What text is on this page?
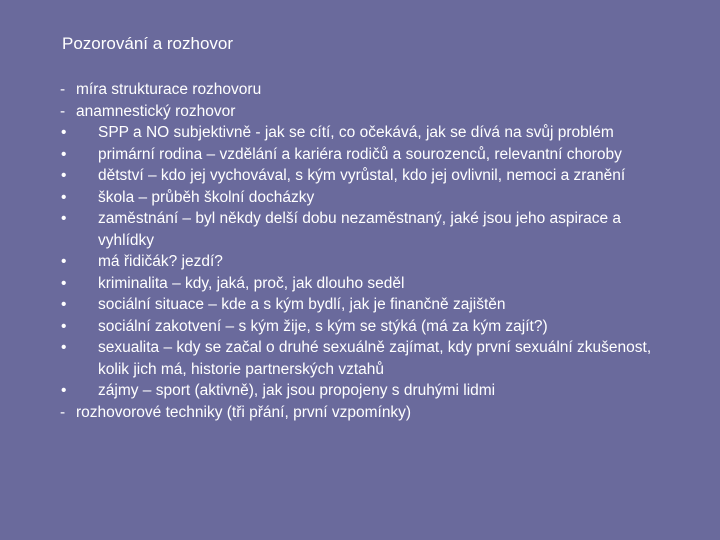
Pozorování a rozhovor
- míra strukturace rozhovoru
- anamnestický rozhovor
• SPP a NO subjektivně - jak se cítí, co očekává, jak se dívá na svůj problém
• primární rodina – vzdělání a kariéra rodičů a sourozenců, relevantní choroby
• dětství – kdo jej vychovával, s kým vyrůstal, kdo jej ovlivnil, nemoci a zranění
• škola – průběh školní docházky
• zaměstnání – byl někdy delší dobu nezaměstnaný, jaké jsou jeho aspirace a vyhlídky
• má řidičák? jezdí?
• kriminalita – kdy, jaká, proč, jak dlouho seděl
• sociální situace – kde a s kým bydlí, jak je finančně zajištěn
• sociální zakotvení – s kým žije, s kým se stýká (má za kým zajít?)
• sexualita – kdy se začal o druhé sexuálně zajímat, kdy první sexuální zkušenost, kolik jich má, historie partnerských vztahů
• zájmy – sport (aktivně), jak jsou propojeny s druhými lidmi
- rozhovorové techniky (tři přání, první vzpomínky)
